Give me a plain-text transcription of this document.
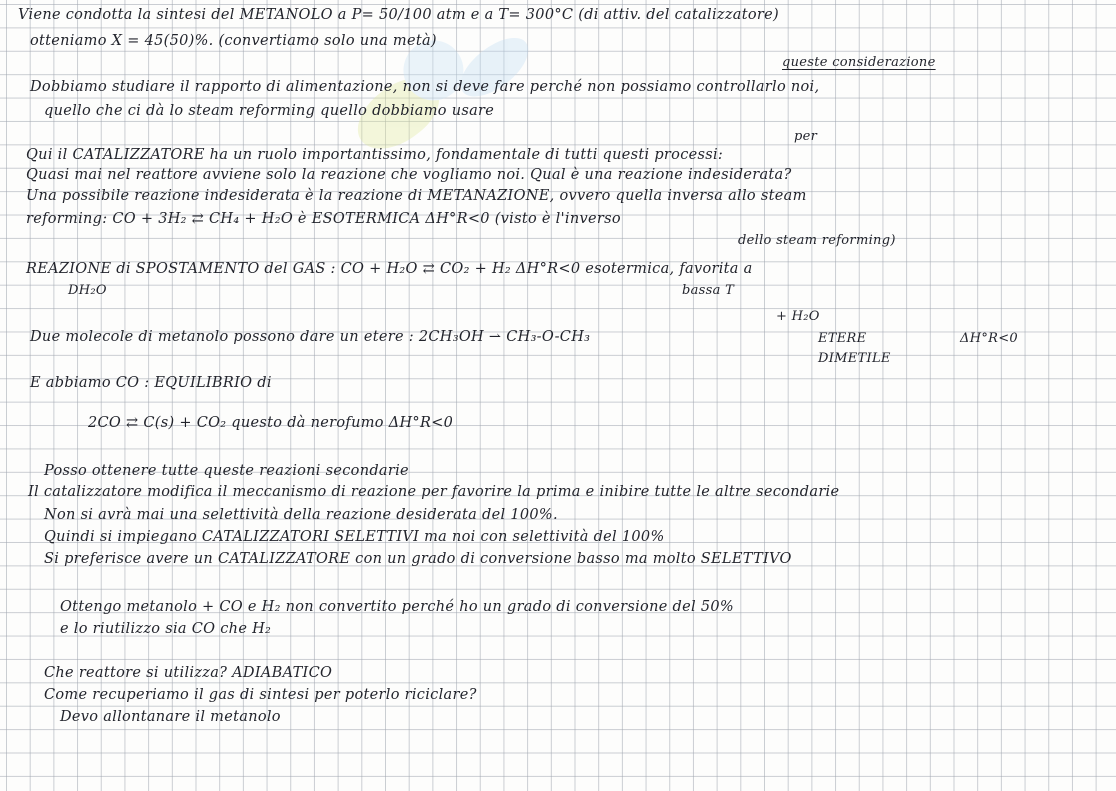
Viene condotta la sintesi del METANOLO a P= 50/100 atm e a T= 300°C (di attiv. del catalizzatore)
otteniamo X = 45(50)%. (convertiamo solo una metà)
queste considerazione
Dobbiamo studiare il rapporto di alimentazione, non si deve fare perché non possiamo controllarlo noi,
quello che ci dà lo steam reforming quello dobbiamo usare
per
Qui il CATALIZZATORE ha un ruolo importantissimo, fondamentale di tutti questi processi:
Quasi mai nel reattore avviene solo la reazione che vogliamo noi. Qual è una reazione indesiderata?
Una possibile reazione indesiderata è la reazione di METANAZIONE, ovvero quella inversa allo steam
reforming: CO + 3H₂ ⇄ CH₄ + H₂O è ESOTERMICA ΔH°R<0 (visto è l'inverso
dello steam reforming)
REAZIONE di SPOSTAMENTO del GAS : CO + H₂O ⇄ CO₂ + H₂ ΔH°R<0 esotermica, favorita a
DH₂O	bassa T
+ H₂O
Due molecole di metanolo possono dare un etere : 2CH₃OH ⇀ CH₃-O-CH₃	ETERE	ΔH°R<0
DIMETILE
E abbiamo CO : EQUILIBRIO di
2CO ⇄ C(s) + CO₂ questo dà nerofumo ΔH°R<0
Posso ottenere tutte queste reazioni secondarie
Il catalizzatore modifica il meccanismo di reazione per favorire la prima e inibire tutte le altre secondarie
Non si avrà mai una selettività della reazione desiderata del 100%.
Quindi si impiegano CATALIZZATORI SELETTIVI ma noi con selettività del 100%
Si preferisce avere un CATALIZZATORE con un grado di conversione basso ma molto SELETTIVO
Ottengo metanolo + CO e H₂ non convertito perché ho un grado di conversione del 50%
e lo riutilizzo sia CO che H₂
Che reattore si utilizza? ADIABATICO
Come recuperiamo il gas di sintesi per poterlo riciclare?
Devo allontanare il metanolo
